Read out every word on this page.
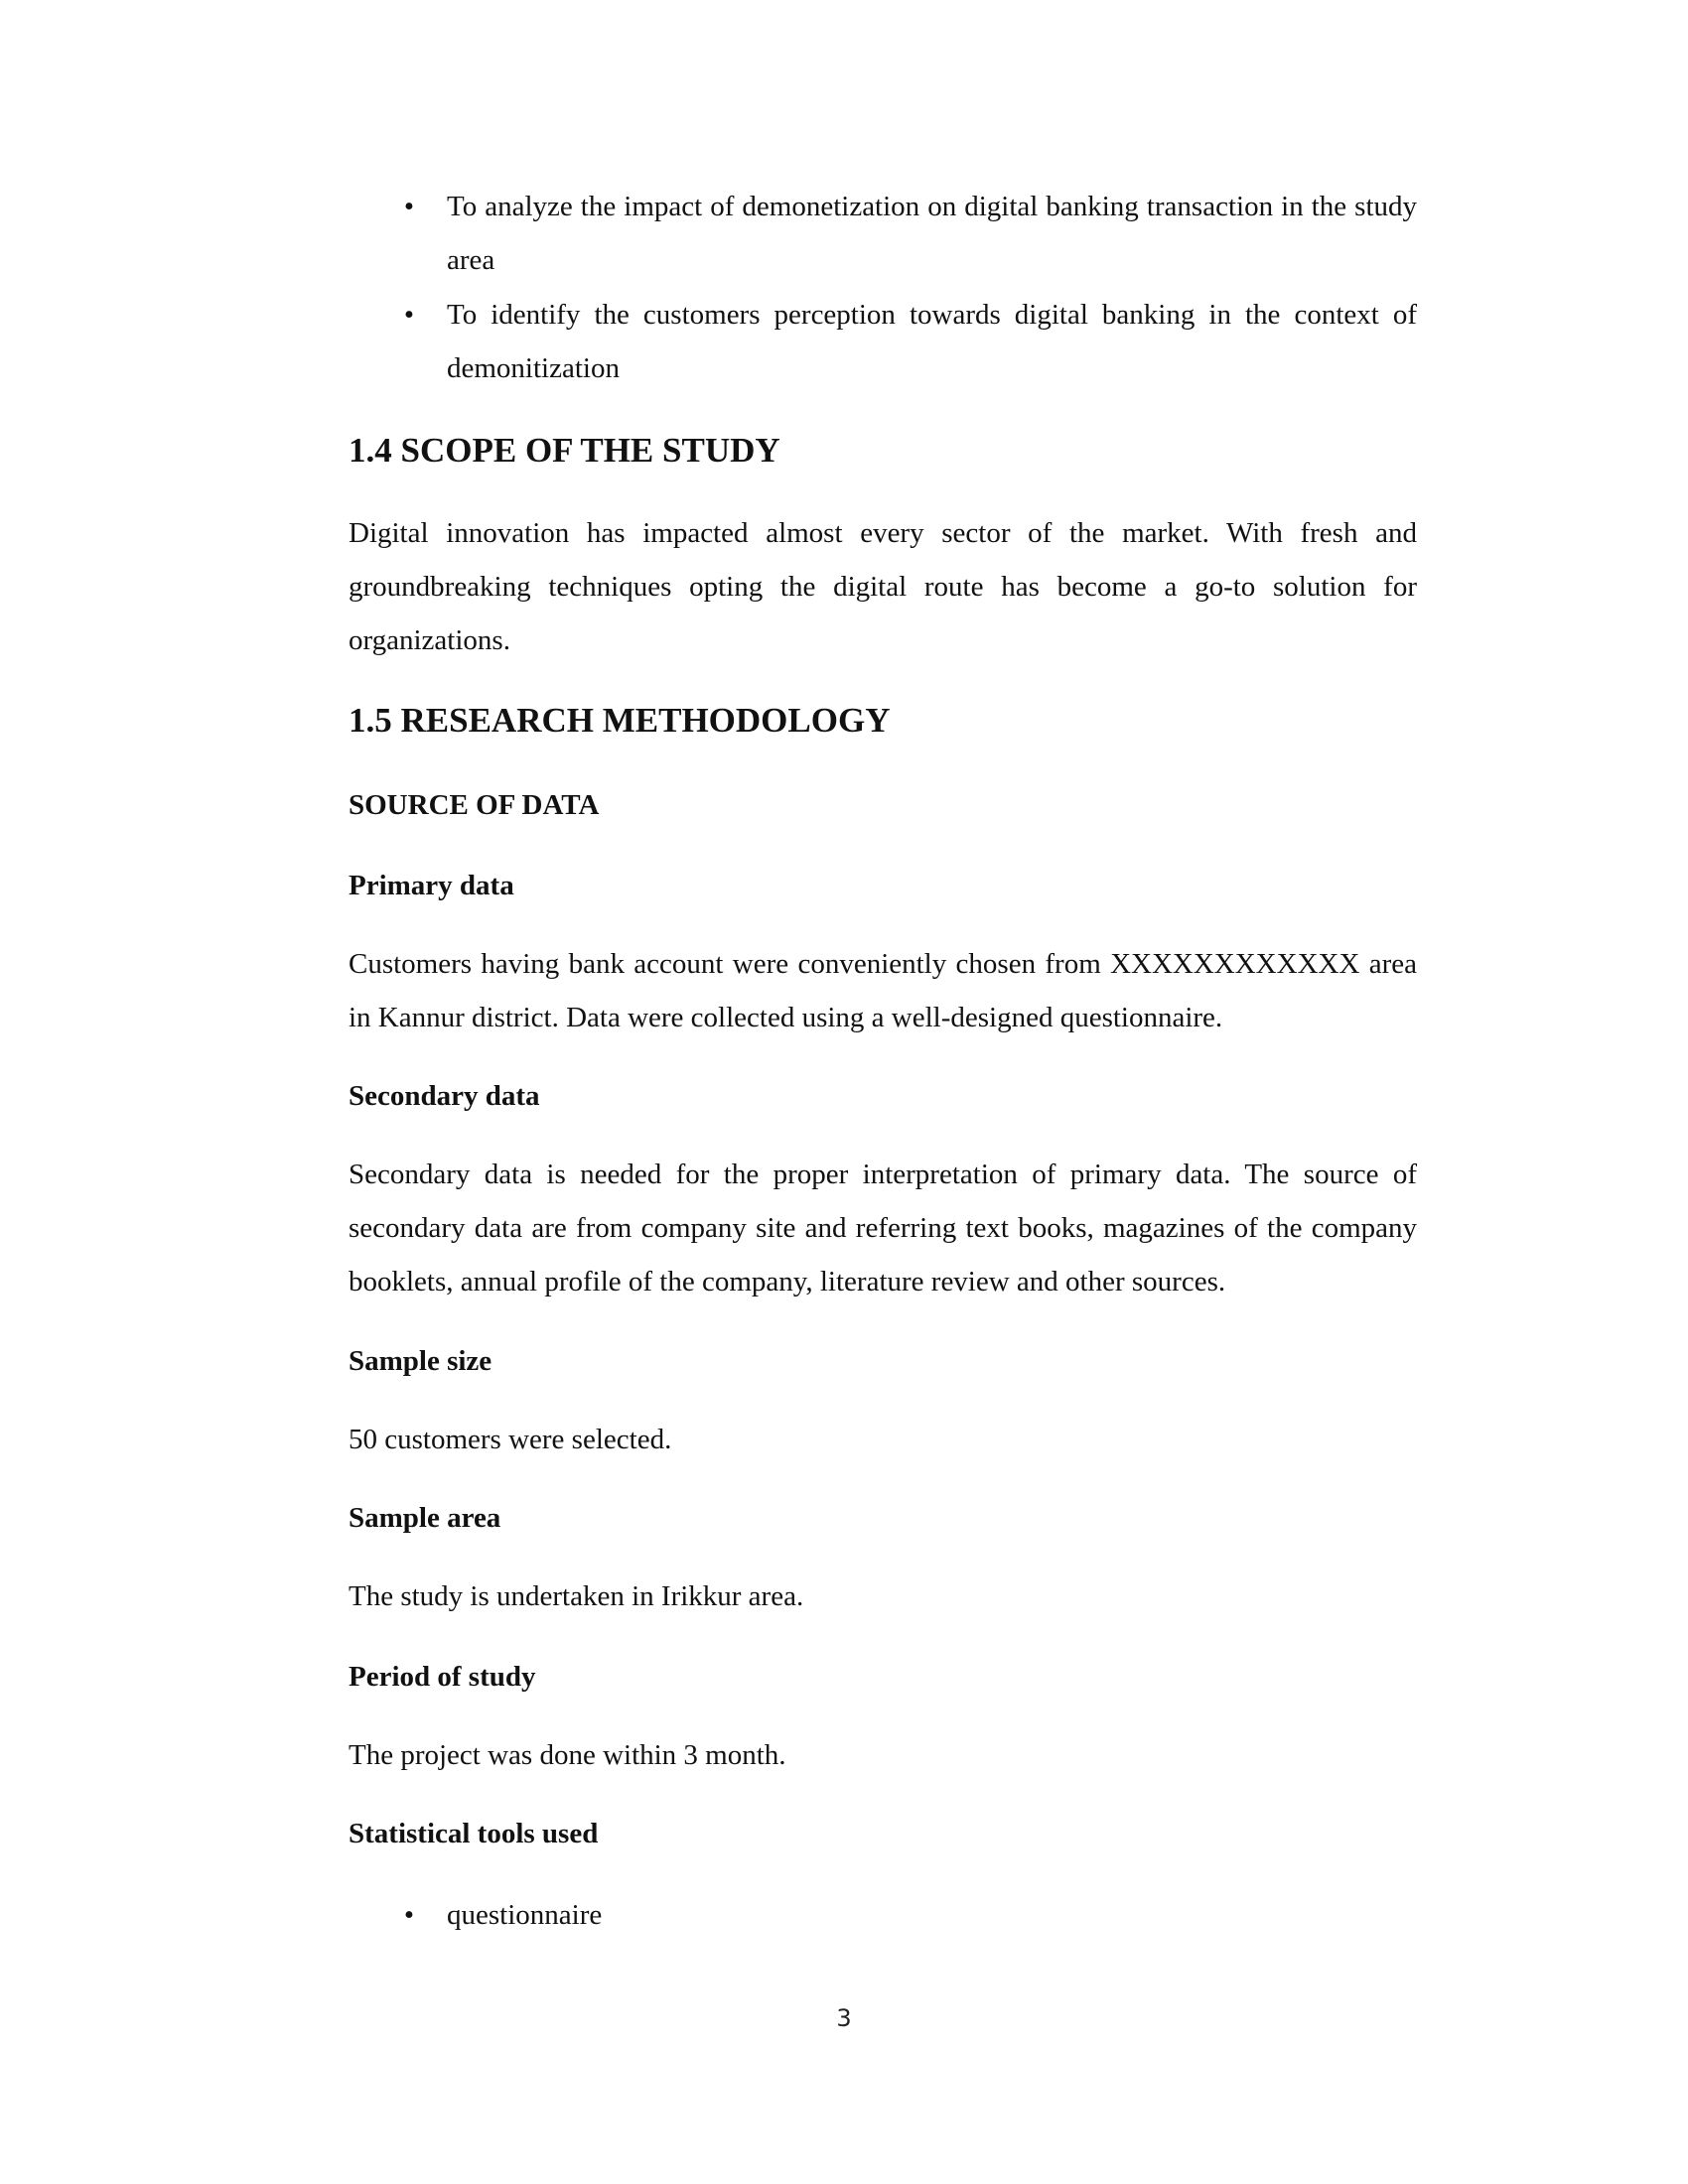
• To analyze the impact of demonetization on digital banking transaction in the study area
• To identify the customers perception towards digital banking in the context of demonitization
1.4 SCOPE OF THE STUDY

Digital innovation has impacted almost every sector of the market. With fresh and groundbreaking techniques opting the digital route has become a go-to solution for organizations.

1.5 RESEARCH METHODOLOGY
SOURCE OF DATA
Primary data

Customers having bank account were conveniently chosen from XXXXXXXXXXXX area in Kannur district. Data were collected using a well-designed questionnaire.

Secondary data

Secondary data is needed for the proper interpretation of primary data. The source of secondary data are from company site and referring text books, magazines of the company booklets, annual profile of the company, literature review and other sources.

Sample size

50 customers were selected.

Sample area

The study is undertaken in Irikkur area.

Period of study

The project was done within 3 month.

Statistical tools used
• questionnaire
3
